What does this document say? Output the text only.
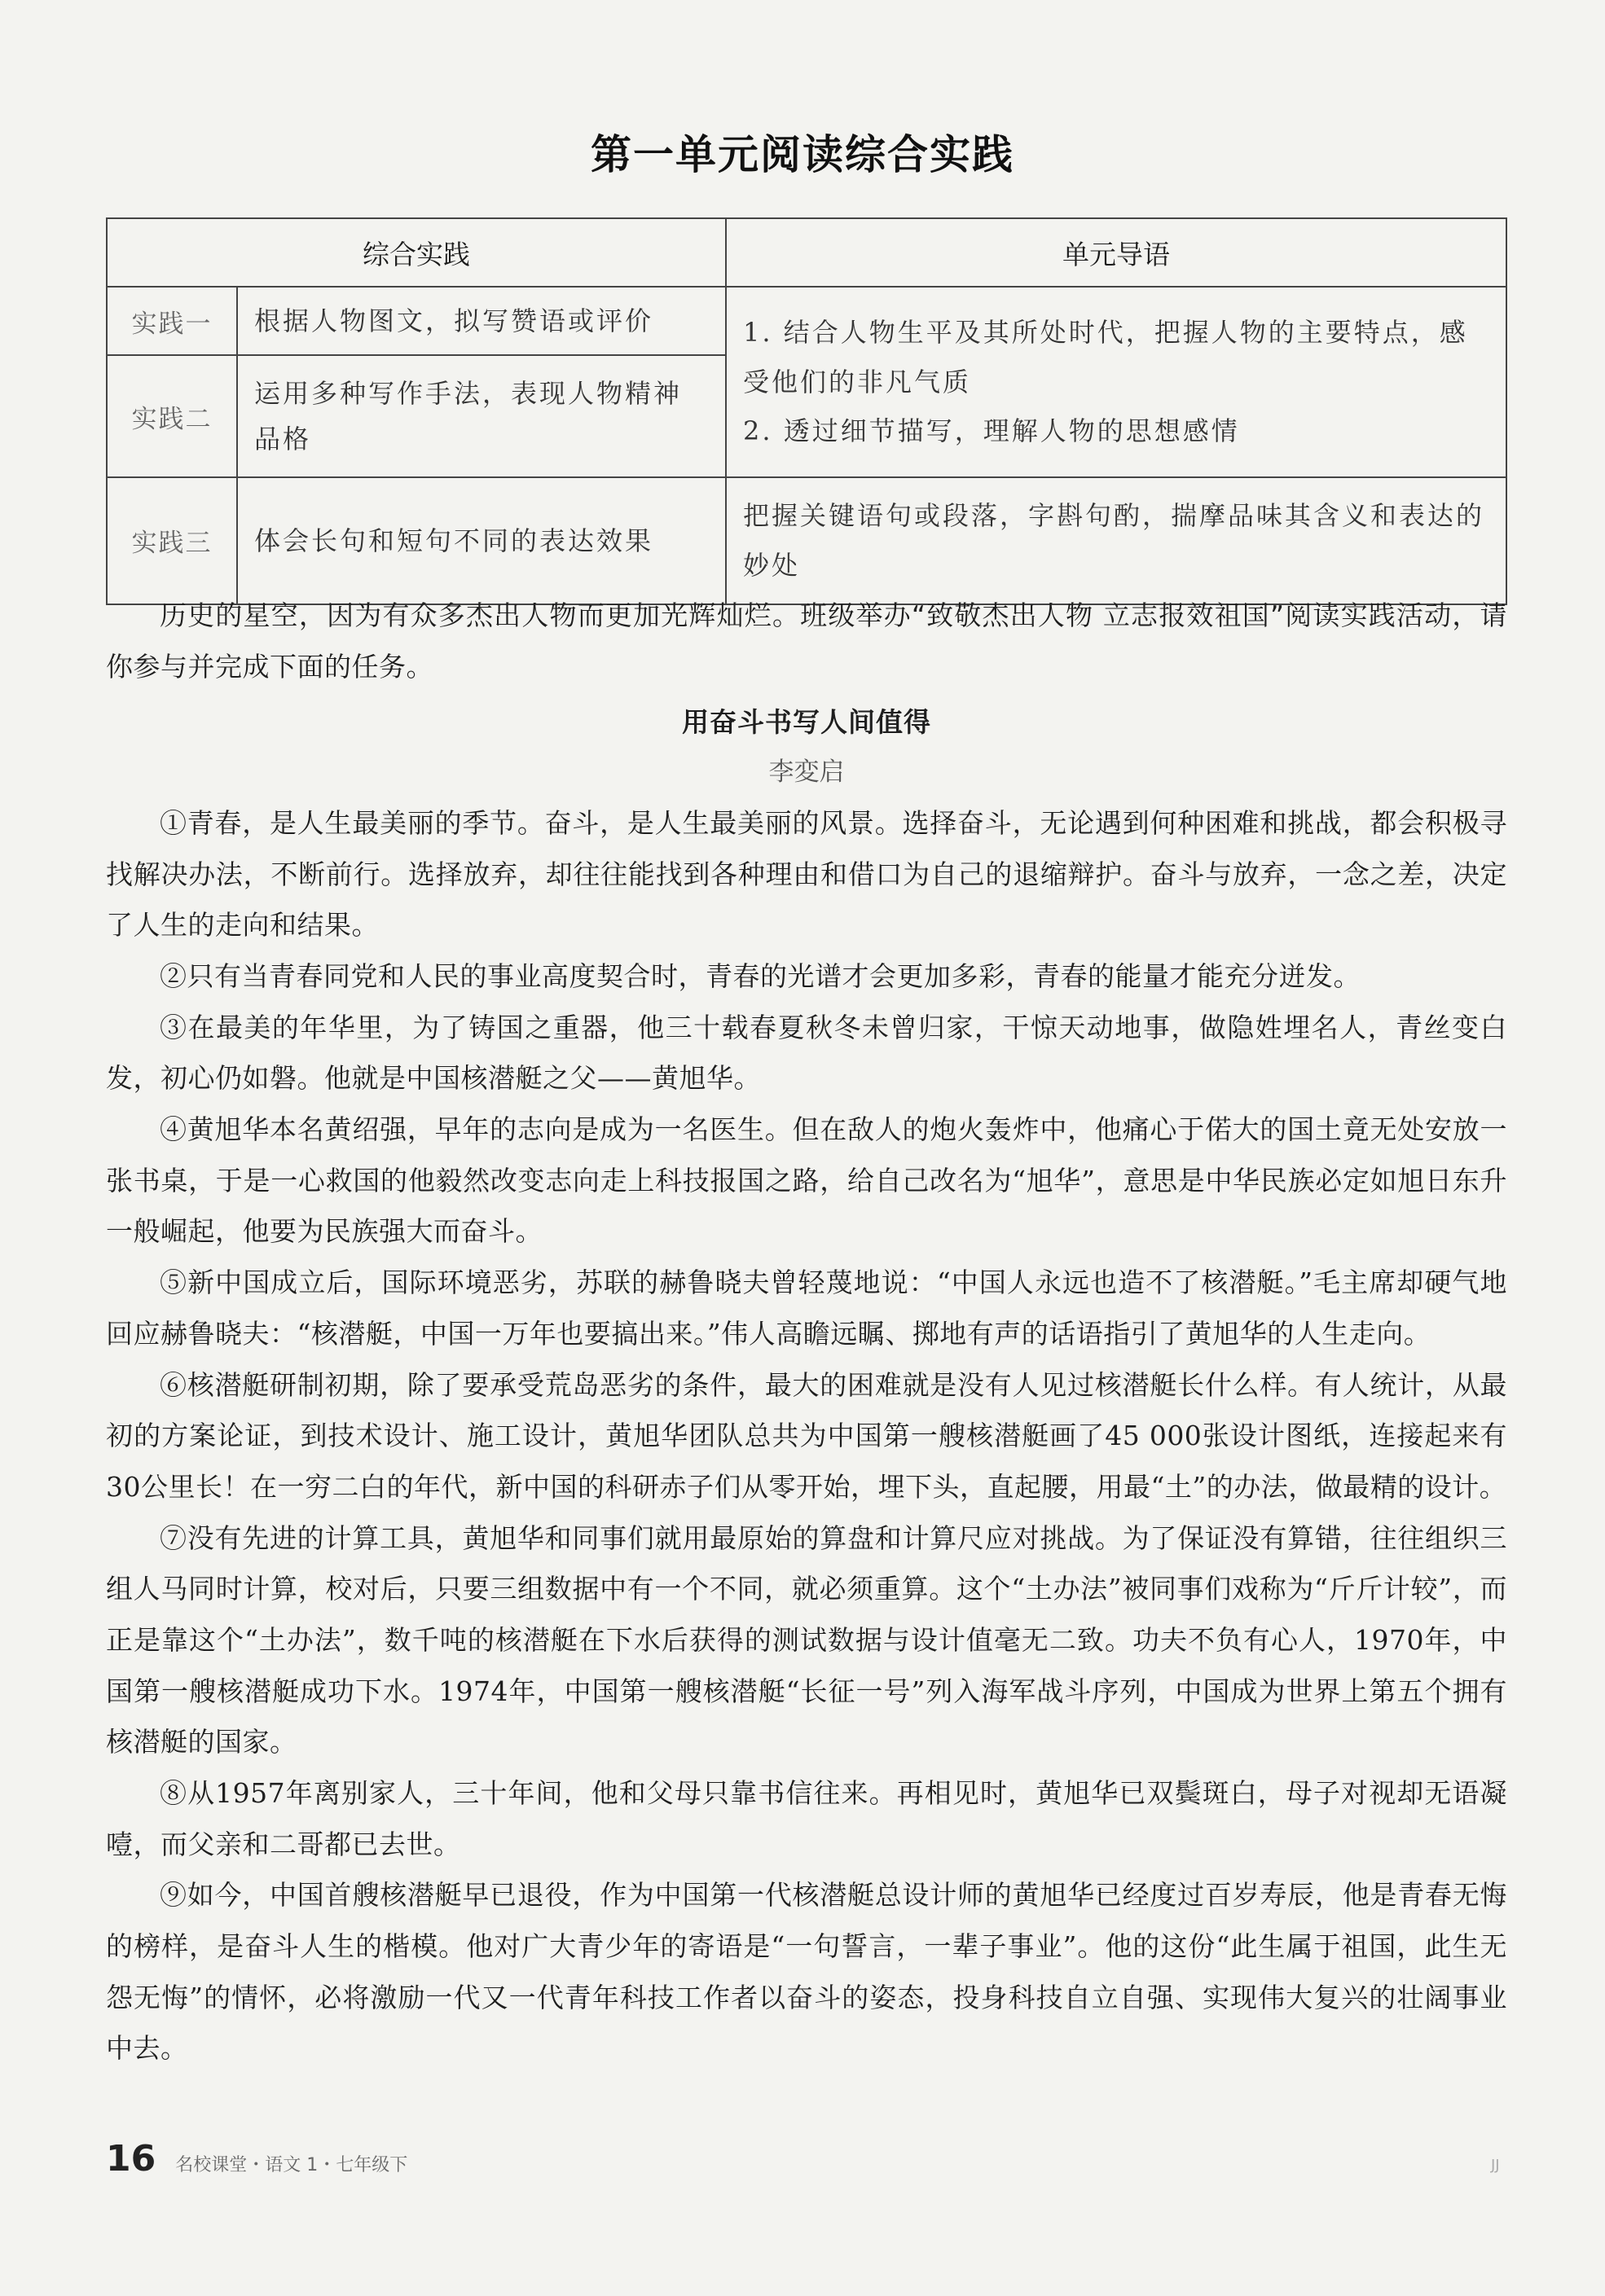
第一单元阅读综合实践
综合实践		单元导语
实践一	根据人物图文，拟写赞语或评价	1. 结合人物生平及其所处时代，把握人物的主要特点，感受他们的非凡气质

2. 透过细节描写，理解人物的思想感情

实践二	运用多种写作手法，表现人物精神品格	
实践三	体会长句和短句不同的表达效果	把握关键语句或段落，字斟句酌，揣摩品味其含义和表达的妙处

历史的星空，因为有众多杰出人物而更加光辉灿烂。班级举办“致敬杰出人物 立志报效祖国”阅读实践活动，请你参与并完成下面的任务。

用奋斗书写人间值得
李変启

①青春，是人生最美丽的季节。奋斗，是人生最美丽的风景。选择奋斗，无论遇到何种困难和挑战，都会积极寻找解决办法，不断前行。选择放弃，却往往能找到各种理由和借口为自己的退缩辩护。奋斗与放弃，一念之差，决定了人生的走向和结果。

②只有当青春同党和人民的事业高度契合时，青春的光谱才会更加多彩，青春的能量才能充分迸发。

③在最美的年华里，为了铸国之重器，他三十载春夏秋冬未曾归家，干惊天动地事，做隐姓埋名人，青丝变白发，初心仍如磐。他就是中国核潜艇之父——黄旭华。

④黄旭华本名黄绍强，早年的志向是成为一名医生。但在敌人的炮火轰炸中，他痛心于偌大的国土竟无处安放一张书桌，于是一心救国的他毅然改变志向走上科技报国之路，给自己改名为“旭华”，意思是中华民族必定如旭日东升一般崛起，他要为民族强大而奋斗。

⑤新中国成立后，国际环境恶劣，苏联的赫鲁晓夫曾轻蔑地说：“中国人永远也造不了核潜艇。”毛主席却硬气地回应赫鲁晓夫：“核潜艇，中国一万年也要搞出来。”伟人高瞻远瞩、掷地有声的话语指引了黄旭华的人生走向。

⑥核潜艇研制初期，除了要承受荒岛恶劣的条件，最大的困难就是没有人见过核潜艇长什么样。有人统计，从最初的方案论证，到技术设计、施工设计，黄旭华团队总共为中国第一艘核潜艇画了45 000张设计图纸，连接起来有30公里长！在一穷二白的年代，新中国的科研赤子们从零开始，埋下头，直起腰，用最“土”的办法，做最精的设计。

⑦没有先进的计算工具，黄旭华和同事们就用最原始的算盘和计算尺应对挑战。为了保证没有算错，往往组织三组人马同时计算，校对后，只要三组数据中有一个不同，就必须重算。这个“土办法”被同事们戏称为“斤斤计较”，而正是靠这个“土办法”，数千吨的核潜艇在下水后获得的测试数据与设计值毫无二致。功夫不负有心人，1970年，中国第一艘核潜艇成功下水。1974年，中国第一艘核潜艇“长征一号”列入海军战斗序列，中国成为世界上第五个拥有核潜艇的国家。

⑧从1957年离别家人，三十年间，他和父母只靠书信往来。再相见时，黄旭华已双鬓斑白，母子对视却无语凝噎，而父亲和二哥都已去世。

⑨如今，中国首艘核潜艇早已退役，作为中国第一代核潜艇总设计师的黄旭华已经度过百岁寿辰，他是青春无悔的榜样，是奋斗人生的楷模。他对广大青少年的寄语是“一句誓言，一辈子事业”。他的这份“此生属于祖国，此生无怨无悔”的情怀，必将激励一代又一代青年科技工作者以奋斗的姿态，投身科技自立自强、实现伟大复兴的壮阔事业中去。

16 名校课堂・语文 1・七年级下	JJ
